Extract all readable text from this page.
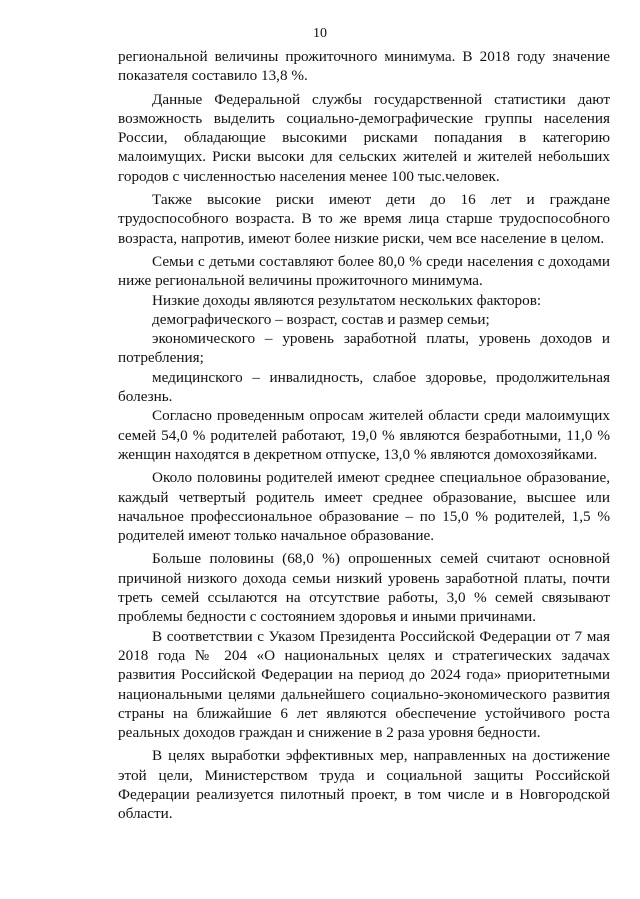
10

региональной величины прожиточного минимума. В 2018 году значение показателя составило 13,8 %.

Данные Федеральной службы государственной статистики дают возможность выделить социально-демографические группы населения России, обладающие высокими рисками попадания в категорию малоимущих. Риски высоки для сельских жителей и жителей небольших городов с численностью населения менее 100 тыс.человек.

Также высокие риски имеют дети до 16 лет и граждане трудоспособного возраста. В то же время лица старше трудоспособного возраста, напротив, имеют более низкие риски, чем все население в целом.

Семьи с детьми составляют более 80,0 % среди населения с доходами ниже региональной величины прожиточного минимума.

Низкие доходы являются результатом нескольких факторов:

демографического – возраст, состав и размер семьи;

экономического – уровень заработной платы, уровень доходов и потребления;

медицинского – инвалидность, слабое здоровье, продолжительная болезнь.

Согласно проведенным опросам жителей области среди малоимущих семей 54,0 % родителей работают, 19,0 % являются безработными, 11,0 % женщин находятся в декретном отпуске, 13,0 % являются домохозяйками.

Около половины родителей имеют среднее специальное образование, каждый четвертый родитель имеет среднее образование, высшее или начальное профессиональное образование – по 15,0 % родителей, 1,5 % родителей имеют только начальное образование.

Больше половины (68,0 %) опрошенных семей считают основной причиной низкого дохода семьи низкий уровень заработной платы, почти треть семей ссылаются на отсутствие работы, 3,0 % семей связывают проблемы бедности с состоянием здоровья и иными причинами.

В соответствии с Указом Президента Российской Федерации от 7 мая 2018 года № 204 «О национальных целях и стратегических задачах развития Российской Федерации на период до 2024 года» приоритетными национальными целями дальнейшего социально-экономического развития страны на ближайшие 6 лет являются обеспечение устойчивого роста реальных доходов граждан и снижение в 2 раза уровня бедности.

В целях выработки эффективных мер, направленных на достижение этой цели, Министерством труда и социальной защиты Российской Федерации реализуется пилотный проект, в том числе и в Новгородской области.
